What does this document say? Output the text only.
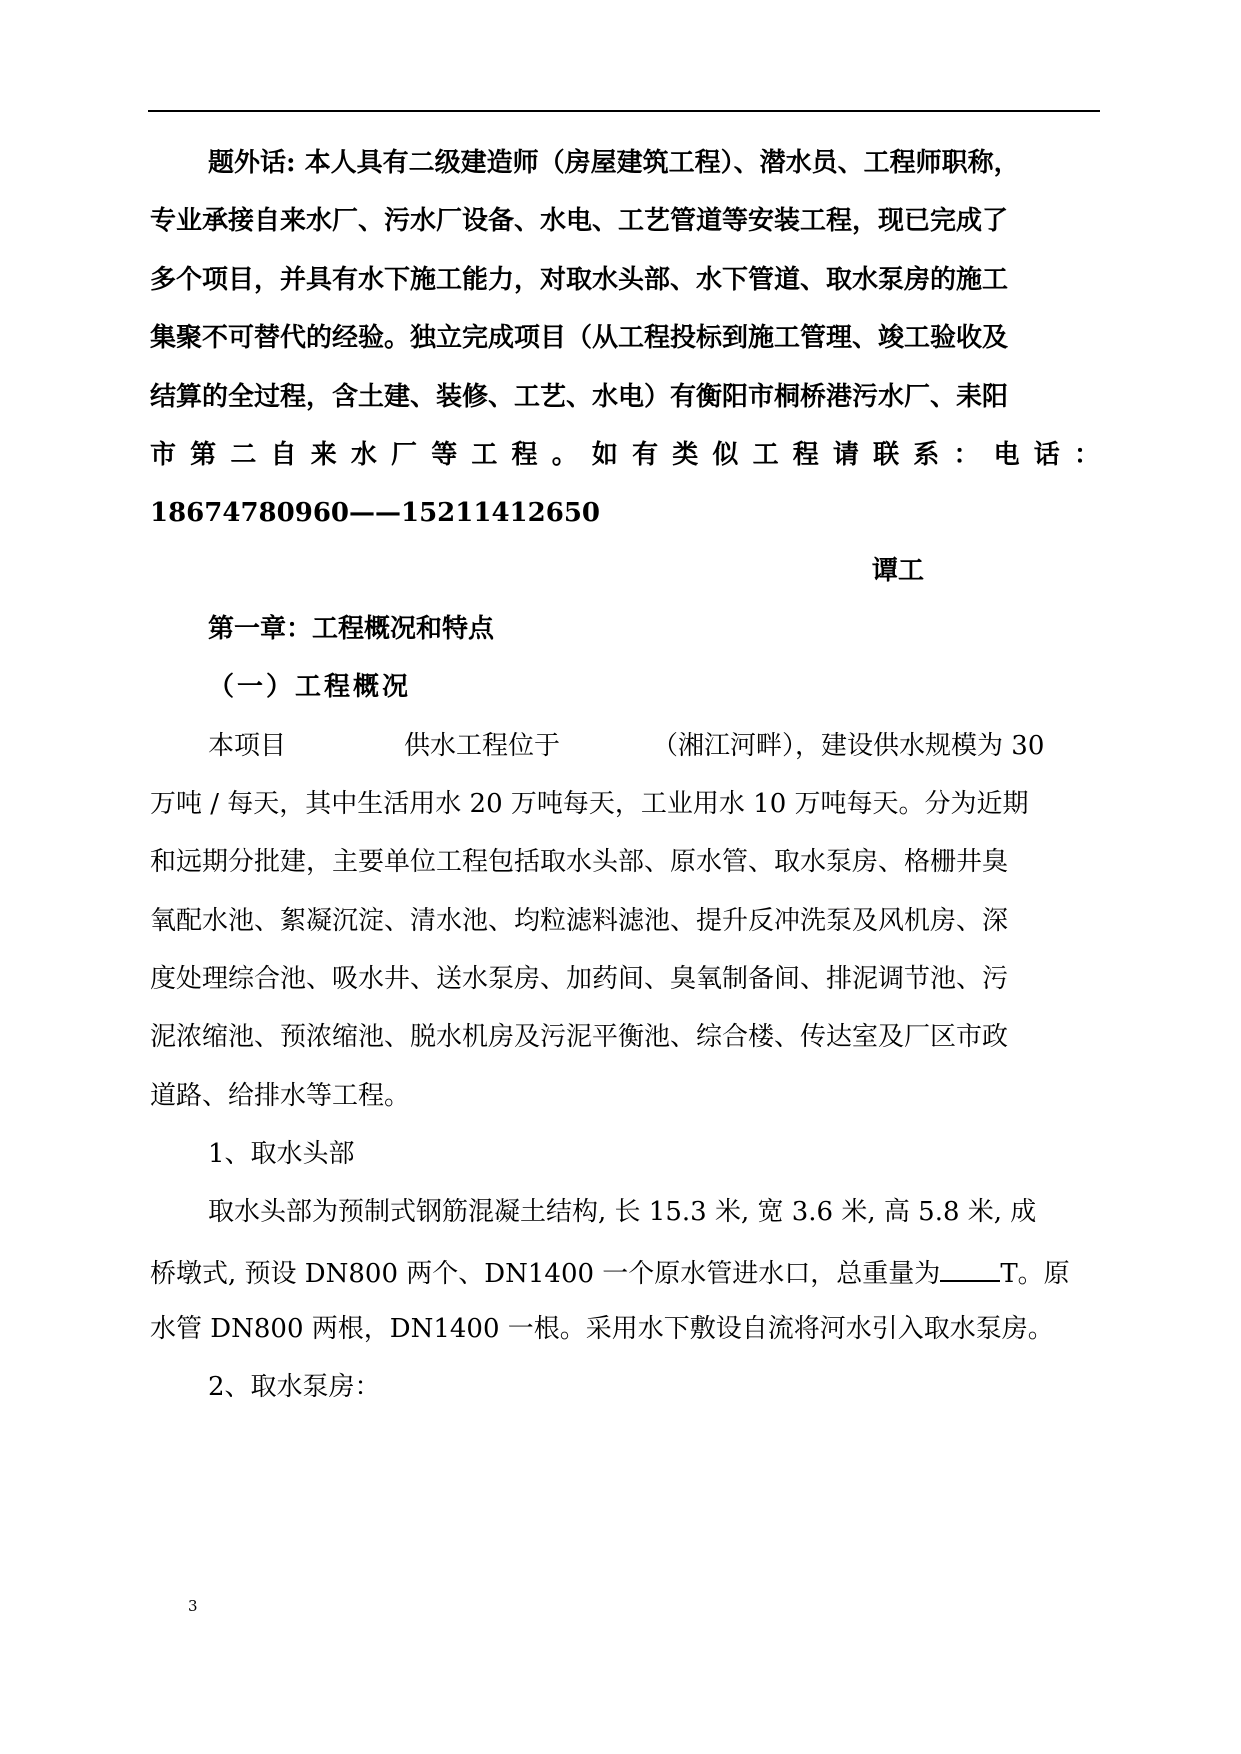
题外话: 本人具有二级建造师（房屋建筑工程）、潜水员、工程师职称，
专业承接自来水厂、污水厂设备、水电、工艺管道等安装工程，现已完成了
多个项目，并具有水下施工能力，对取水头部、水下管道、取水泵房的施工
集聚不可替代的经验。独立完成项目（从工程投标到施工管理、竣工验收及
结算的全过程，含土建、装修、工艺、水电）有衡阳市桐桥港污水厂、耒阳
市 第 二 自 来 水 厂 等 工 程 。 如 有 类 似 工 程 请 联 系 ： 电 话 ：
18674780960——15211412650
谭工
第一章：工程概况和特点
（一）工程概况
本项目	供水工程位于	（湘江河畔），建设供水规模为 30
万吨 / 每天，其中生活用水 20 万吨每天，工业用水 10 万吨每天。分为近期
和远期分批建，主要单位工程包括取水头部、原水管、取水泵房、格栅井臭
氧配水池、絮凝沉淀、清水池、均粒滤料滤池、提升反冲洗泵及风机房、深
度处理综合池、吸水井、送水泵房、加药间、臭氧制备间、排泥调节池、污
泥浓缩池、预浓缩池、脱水机房及污泥平衡池、综合楼、传达室及厂区市政
道路、给排水等工程。
1、取水头部
取水头部为预制式钢筋混凝土结构, 长 15.3 米, 宽 3.6 米, 高 5.8 米, 成
桥墩式, 预设 DN800 两个、DN1400 一个原水管进水口，总重量为 T。原
水管 DN800 两根，DN1400 一根。采用水下敷设自流将河水引入取水泵房。
2、取水泵房：
3
